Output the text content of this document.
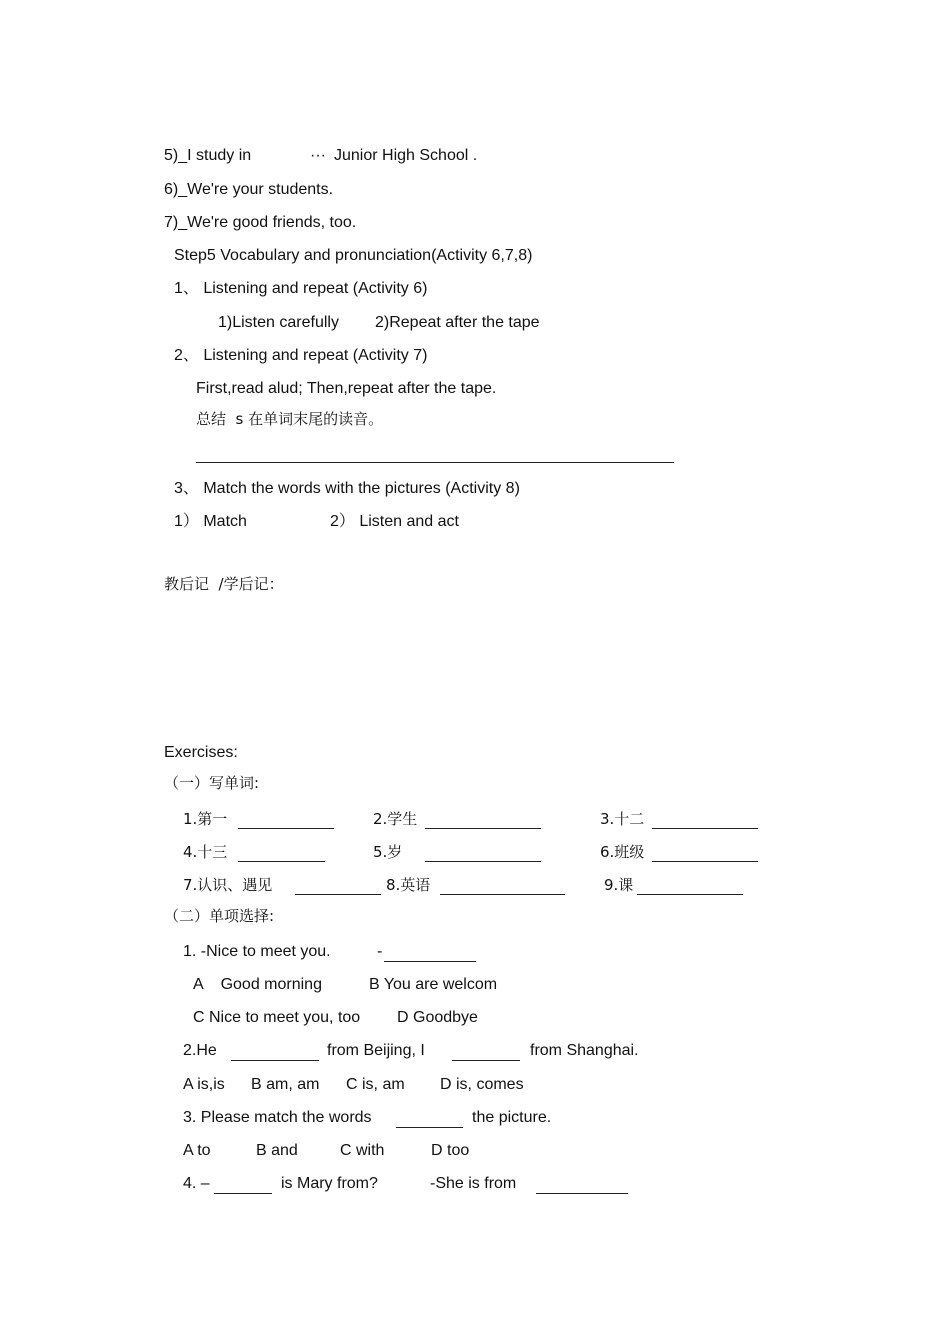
5)_I study in	··· Junior High School .
6)_We're your students.
7)_We're good friends, too.
Step5 Vocabulary and pronunciation(Activity 6,7,8)
1、 Listening and repeat (Activity 6)
1)Listen carefully 2)Repeat after the tape
2、 Listening and repeat (Activity 7)
First,read alud; Then,repeat after the tape.
总结  s 在单词末尾的读音。
3、 Match the words with the pictures (Activity 8)
1） Match	2） Listen and act
教后记  /学后记：
Exercises:
（一）写单词:
1.第一	2.学生	3.十二
4.十三	5.岁	6.班级
7.认识、遇见	8.英语	9.课
（二）单项选择:
1. -Nice to meet you.	-
A    Good morning	B You are welcom
C Nice to meet you, too D Goodbye
2.He	from Beijing, I	from Shanghai.
A is,is B am, am C is, am D is, comes
3. Please match the words	the picture.
A to	B and	C with	D too
4. –	is Mary from?	-She is from
